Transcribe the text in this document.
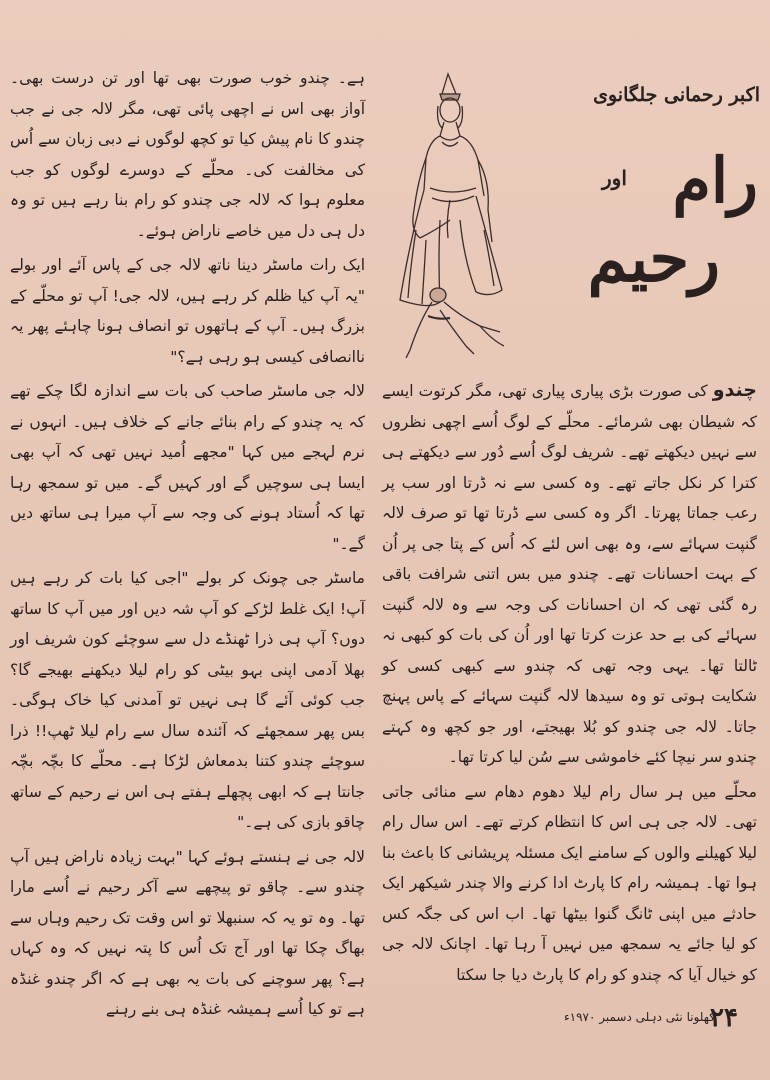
اکبر رحمانی جلگانوی
رام
اور
رحیم

ہے۔ چندو خوب صورت بھی تھا اور تن درست بھی۔ آواز بھی اس نے اچھی پائی تھی، مگر لالہ جی نے جب چندو کا نام پیش کیا تو کچھ لوگوں نے دبی زبان سے اُس کی مخالفت کی۔ محلّے کے دوسرے لوگوں کو جب معلوم ہوا کہ لالہ جی چندو کو رام بنا رہے ہیں تو وہ دل ہی دل میں خاصے ناراض ہوئے۔

ایک رات ماسٹر دینا ناتھ لالہ جی کے پاس آئے اور بولے "یہ آپ کیا ظلم کر رہے ہیں، لالہ جی! آپ تو محلّے کے بزرگ ہیں۔ آپ کے ہاتھوں تو انصاف ہونا چاہئے پھر یہ ناانصافی کیسی ہو رہی ہے؟"

لالہ جی ماسٹر صاحب کی بات سے اندازہ لگا چکے تھے کہ یہ چندو کے رام بنائے جانے کے خلاف ہیں۔ انہوں نے نرم لہجے میں کہا "مجھے اُمید نہیں تھی کہ آپ بھی ایسا ہی سوچیں گے اور کہیں گے۔ میں تو سمجھ رہا تھا کہ اُستاد ہونے کی وجہ سے آپ میرا ہی ساتھ دیں گے۔"

ماسٹر جی چونک کر بولے "اجی کیا بات کر رہے ہیں آپ! ایک غلط لڑکے کو آپ شہ دیں اور میں آپ کا ساتھ دوں؟ آپ ہی ذرا ٹھنڈے دل سے سوچئے کون شریف اور بھلا آدمی اپنی بہو بیٹی کو رام لیلا دیکھنے بھیجے گا؟ جب کوئی آئے گا ہی نہیں تو آمدنی کیا خاک ہوگی۔ بس پھر سمجھئے کہ آئندہ سال سے رام لیلا ٹھپ!! ذرا سوچئے چندو کتنا بدمعاش لڑکا ہے۔ محلّے کا بچّہ بچّہ جانتا ہے کہ ابھی پچھلے ہفتے ہی اس نے رحیم کے ساتھ چاقو بازی کی ہے۔"

لالہ جی نے ہنستے ہوئے کہا "بہت زیادہ ناراض ہیں آپ چندو سے۔ چاقو تو پیچھے سے آکر رحیم نے اُسے مارا تھا۔ وہ تو یہ کہ سنبھلا تو اس وقت تک رحیم وہاں سے بھاگ چکا تھا اور آج تک اُس کا پتہ نہیں کہ وہ کہاں ہے؟ پھر سوچنے کی بات یہ بھی ہے کہ اگر چندو غنڈہ ہے تو کیا اُسے ہمیشہ غنڈہ ہی بنے رہنے

چندو کی صورت بڑی پیاری پیاری تھی، مگر کرتوت ایسے کہ شیطان بھی شرمائے۔ محلّے کے لوگ اُسے اچھی نظروں سے نہیں دیکھتے تھے۔ شریف لوگ اُسے دُور سے دیکھتے ہی کترا کر نکل جاتے تھے۔ وہ کسی سے نہ ڈرتا اور سب پر رعب جماتا پھرتا۔ اگر وہ کسی سے ڈرتا تھا تو صرف لالہ گنپت سہائے سے، وہ بھی اس لئے کہ اُس کے پتا جی پر اُن کے بہت احسانات تھے۔ چندو میں بس اتنی شرافت باقی رہ گئی تھی کہ ان احسانات کی وجہ سے وہ لالہ گنپت سہائے کی بے حد عزت کرتا تھا اور اُن کی بات کو کبھی نہ ٹالتا تھا۔ یہی وجہ تھی کہ چندو سے کبھی کسی کو شکایت ہوتی تو وہ سیدھا لالہ گنپت سہائے کے پاس پہنچ جاتا۔ لالہ جی چندو کو بُلا بھیجتے، اور جو کچھ وہ کہتے چندو سر نیچا کئے خاموشی سے سُن لیا کرتا تھا۔

محلّے میں ہر سال رام لیلا دھوم دھام سے منائی جاتی تھی۔ لالہ جی ہی اس کا انتظام کرتے تھے۔ اس سال رام لیلا کھیلنے والوں کے سامنے ایک مسئلہ پریشانی کا باعث بنا ہوا تھا۔ ہمیشہ رام کا پارٹ ادا کرنے والا چندر شیکھر ایک حادثے میں اپنی ٹانگ گنوا بیٹھا تھا۔ اب اس کی جگہ کس کو لیا جائے یہ سمجھ میں نہیں آ رہا تھا۔ اچانک لالہ جی کو خیال آیا کہ چندو کو رام کا پارٹ دیا جا سکتا

۲۴
کھلونا نئی دہلی دسمبر ۱۹۷۰ء
